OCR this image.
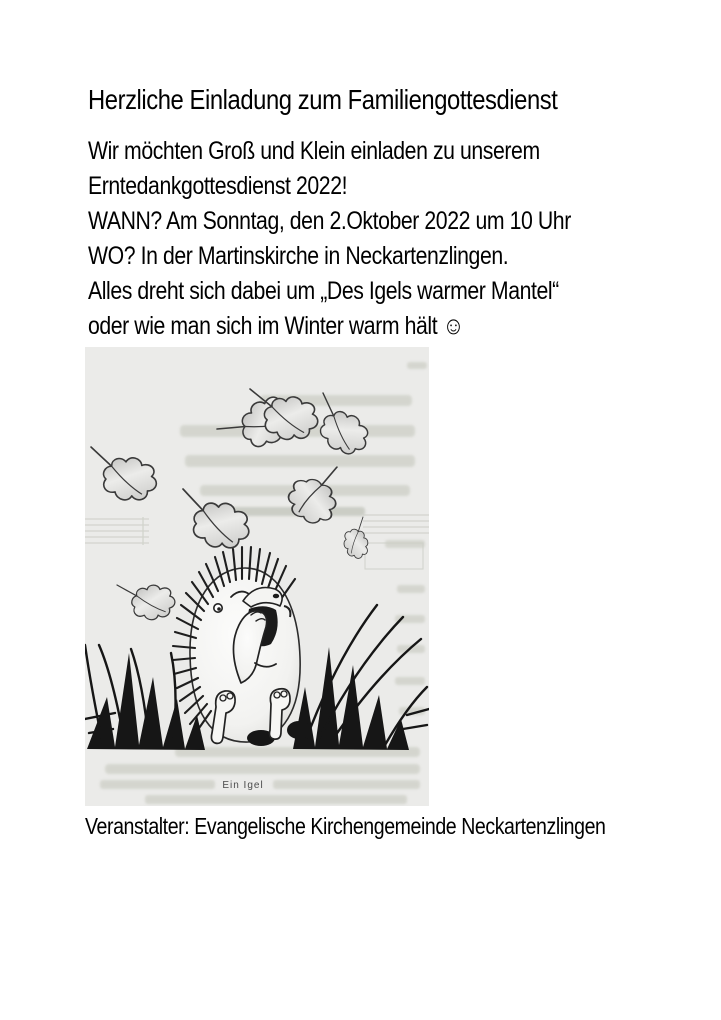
Herzliche Einladung zum Familiengottesdienst
Wir möchten Groß und Klein einladen zu unserem
Erntedankgottesdienst 2022!
WANN? Am Sonntag, den 2.Oktober 2022 um 10 Uhr
WO? In der Martinskirche in Neckartenzlingen.
Alles dreht sich dabei um „Des Igels warmer Mantel“
oder wie man sich im Winter warm hält ☺
Ein Igel
Veranstalter: Evangelische Kirchengemeinde Neckartenzlingen
